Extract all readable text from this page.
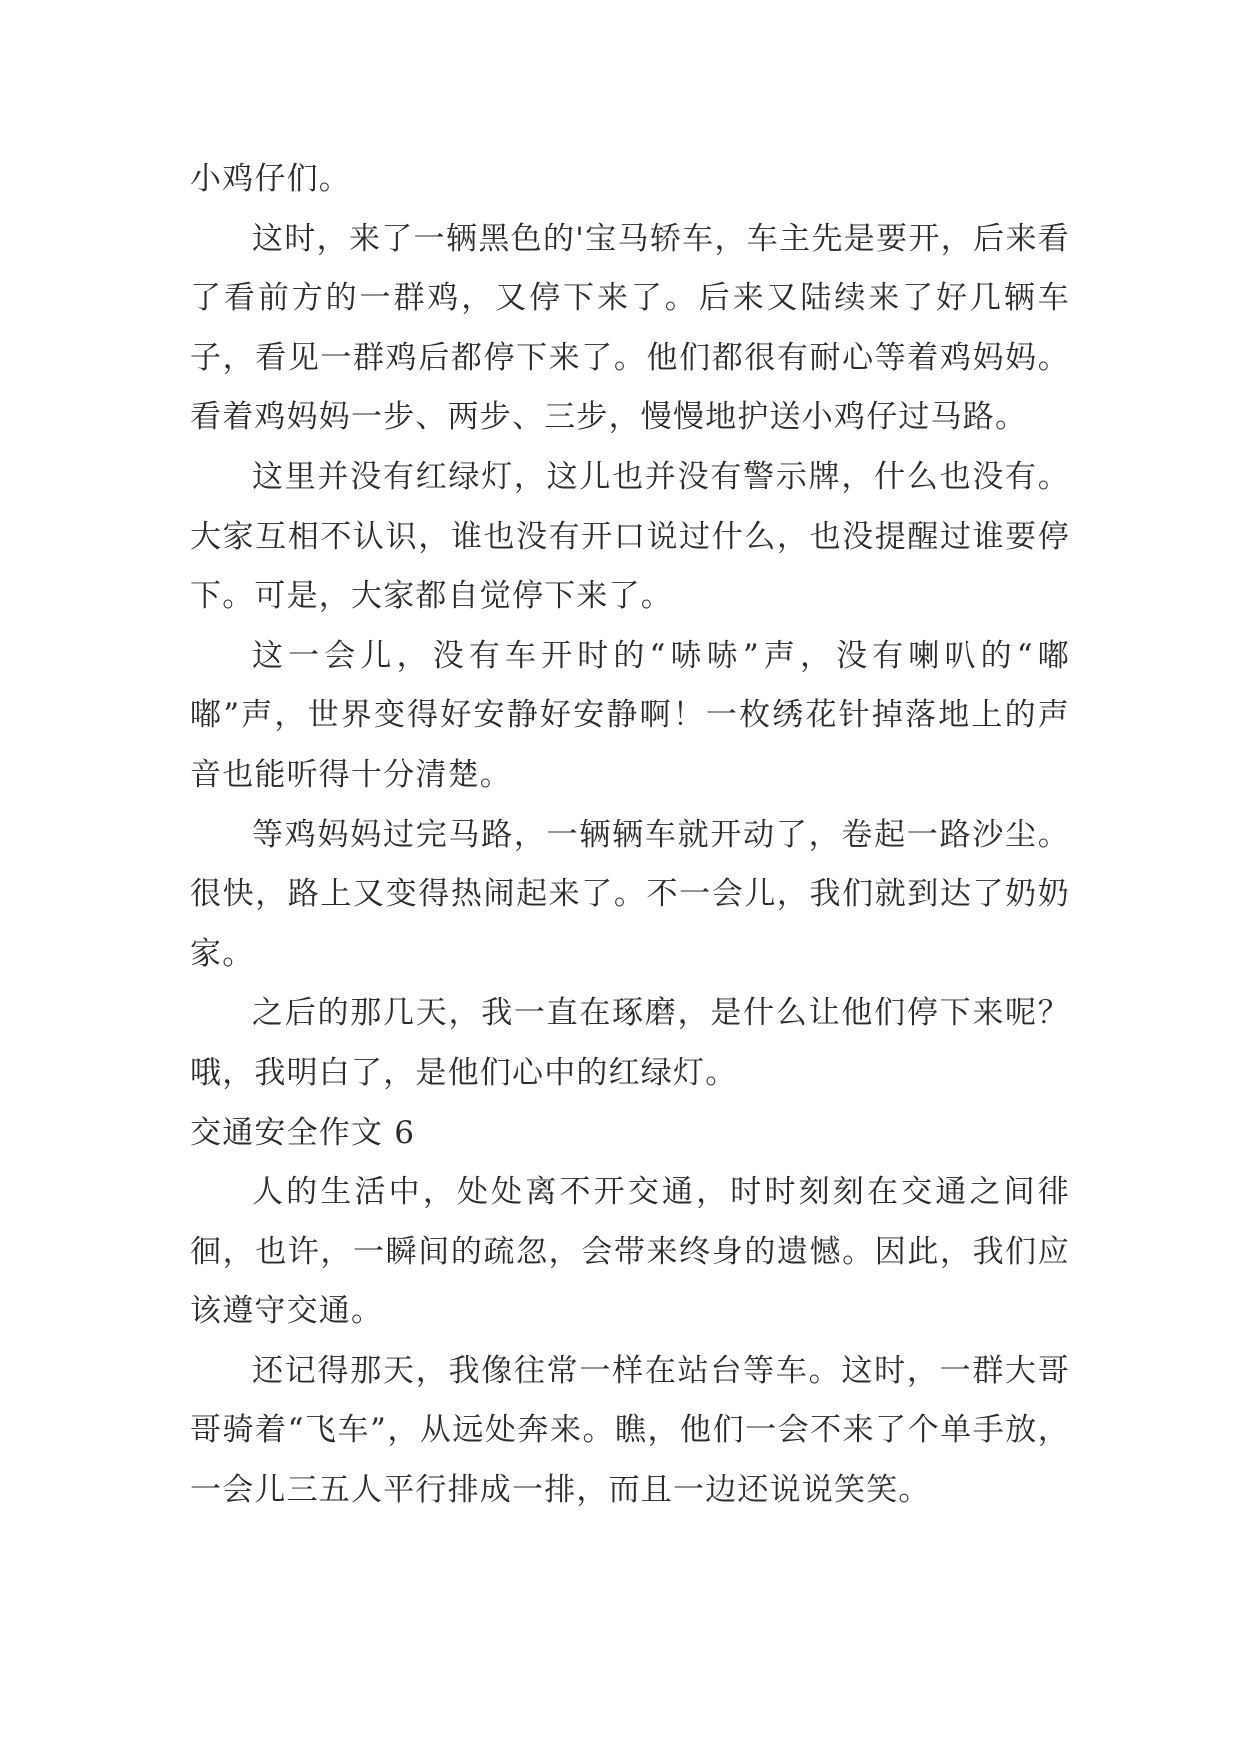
小鸡仔们。

这时，来了一辆黑色的'宝马轿车，车主先是要开，后来看了看前方的一群鸡，又停下来了。后来又陆续来了好几辆车子，看见一群鸡后都停下来了。他们都很有耐心等着鸡妈妈。看着鸡妈妈一步、两步、三步，慢慢地护送小鸡仔过马路。

这里并没有红绿灯，这儿也并没有警示牌，什么也没有。大家互相不认识，谁也没有开口说过什么，也没提醒过谁要停下。可是，大家都自觉停下来了。

这一会儿，没有车开时的“哧哧”声，没有喇叭的“嘟嘟”声，世界变得好安静好安静啊！一枚绣花针掉落地上的声音也能听得十分清楚。

等鸡妈妈过完马路，一辆辆车就开动了，卷起一路沙尘。很快，路上又变得热闹起来了。不一会儿，我们就到达了奶奶家。

之后的那几天，我一直在琢磨，是什么让他们停下来呢？哦，我明白了，是他们心中的红绿灯。

交通安全作文 6

人的生活中，处处离不开交通，时时刻刻在交通之间徘徊，也许，一瞬间的疏忽，会带来终身的遗憾。因此，我们应该遵守交通。

还记得那天，我像往常一样在站台等车。这时，一群大哥哥骑着“飞车”，从远处奔来。瞧，他们一会不来了个单手放，一会儿三五人平行排成一排，而且一边还说说笑笑。
